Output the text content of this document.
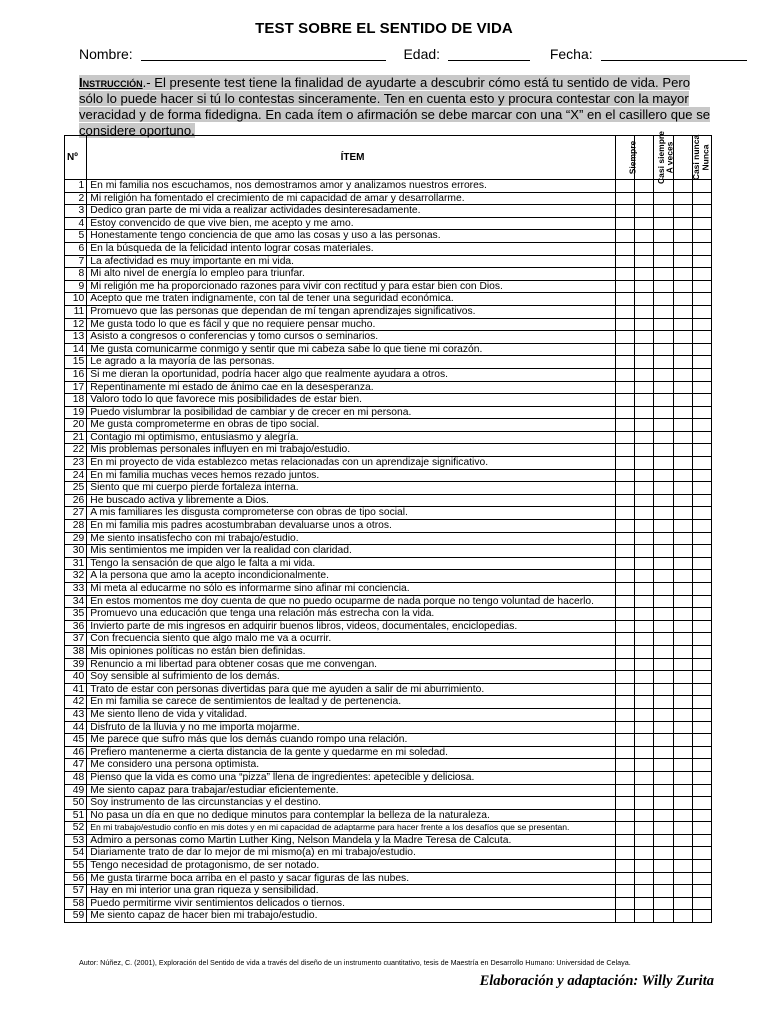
TEST SOBRE EL SENTIDO DE VIDA
Nombre:	Edad:	Fecha:
Instrucción.- El presente test tiene la finalidad de ayudarte a descubrir cómo está tu sentido de vida. Pero sólo lo puede hacer si tú lo contestas sinceramente. Ten en cuenta esto y procura contestar con la mayor veracidad y de forma fidedigna. En cada ítem o afirmación se debe marcar con una “X” en el casillero que se considere oportuno.
Nº	ÍTEM	Siempre	Casi siempre	A veces	Casi nunca	Nunca
1	En mi familia nos escuchamos, nos demostramos amor y analizamos nuestros errores.					
2	Mi religión ha fomentado el crecimiento de mi capacidad de amar y desarrollarme.					
3	Dedico gran parte de mi vida a realizar actividades desinteresadamente.					
4	Estoy convencido de que vive bien, me acepto y me amo.					
5	Honestamente tengo conciencia de que amo las cosas y uso a las personas.					
6	En la búsqueda de la felicidad intento lograr cosas materiales.					
7	La afectividad es muy importante en mi vida.					
8	Mi alto nivel de energía lo empleo para triunfar.					
9	Mi religión me ha proporcionado razones para vivir con rectitud y para estar bien con Dios.					
10	Acepto que me traten indignamente, con tal de tener una seguridad económica.					
11	Promuevo que las personas que dependan de mí tengan aprendizajes significativos.					
12	Me gusta todo lo que es fácil y que no requiere pensar mucho.					
13	Asisto a congresos o conferencias y tomo cursos o seminarios.					
14	Me gusta comunicarme conmigo y sentir que mi cabeza sabe lo que tiene mi corazón.					
15	Le agrado a la mayoría de las personas.					
16	Si me dieran la oportunidad, podría hacer algo que realmente ayudara a otros.					
17	Repentinamente mi estado de ánimo cae en la desesperanza.					
18	Valoro todo lo que favorece mis posibilidades de estar bien.					
19	Puedo vislumbrar la posibilidad de cambiar y de crecer en mi persona.					
20	Me gusta comprometerme en obras de tipo social.					
21	Contagio mi optimismo, entusiasmo y alegría.					
22	Mis problemas personales influyen en mi trabajo/estudio.					
23	En mi proyecto de vida establezco metas relacionadas con un aprendizaje significativo.					
24	En mi familia muchas veces hemos rezado juntos.					
25	Siento que mi cuerpo pierde fortaleza interna.					
26	He buscado activa y libremente a Dios.					
27	A mis familiares les disgusta comprometerse con obras de tipo social.					
28	En mi familia mis padres acostumbraban devaluarse unos a otros.					
29	Me siento insatisfecho con mi trabajo/estudio.					
30	Mis sentimientos me impiden ver la realidad con claridad.					
31	Tengo la sensación de que algo le falta a mi vida.					
32	A la persona que amo la acepto incondicionalmente.					
33	Mi meta al educarme no sólo es informarme sino afinar mi conciencia.					
34	En estos momentos me doy cuenta de que no puedo ocuparme de nada porque no tengo voluntad de hacerlo.					
35	Promuevo una educación que tenga una relación más estrecha con la vida.					
36	Invierto parte de mis ingresos en adquirir buenos libros, videos, documentales, enciclopedias.					
37	Con frecuencia siento que algo malo me va a ocurrir.					
38	Mis opiniones políticas no están bien definidas.					
39	Renuncio a mi libertad para obtener cosas que me convengan.					
40	Soy sensible al sufrimiento de los demás.					
41	Trato de estar con personas divertidas para que me ayuden a salir de mi aburrimiento.					
42	En mi familia se carece de sentimientos de lealtad y de pertenencia.					
43	Me siento lleno de vida y vitalidad.					
44	Disfruto de la lluvia y no me importa mojarme.					
45	Me parece que sufro más que los demás cuando rompo una relación.					
46	Prefiero mantenerme a cierta distancia de la gente y quedarme en mi soledad.					
47	Me considero una persona optimista.					
48	Pienso que la vida es como una “pizza” llena de ingredientes: apetecible y deliciosa.					
49	Me siento capaz para trabajar/estudiar eficientemente.					
50	Soy instrumento de las circunstancias y el destino.					
51	No pasa un día en que no dedique minutos para contemplar la belleza de la naturaleza.					
52	En mi trabajo/estudio confío en mis dotes y en mi capacidad de adaptarme para hacer frente a los desafíos que se presentan.					
53	Admiro a personas como Martin Luther King, Nelson Mandela y la Madre Teresa de Calcuta.					
54	Diariamente trato de dar lo mejor de mi mismo(a) en mi trabajo/estudio.					
55	Tengo necesidad de protagonismo, de ser notado.					
56	Me gusta tirarme boca arriba en el pasto y sacar figuras de las nubes.					
57	Hay en mi interior una gran riqueza y sensibilidad.					
58	Puedo permitirme vivir sentimientos delicados o tiernos.					
59	Me siento capaz de hacer bien mi trabajo/estudio.					
Autor: Núñez, C. (2001), Exploración del Sentido de vida a través del diseño de un instrumento cuantitativo, tesis de Maestría en Desarrollo Humano: Universidad de Celaya.
Elaboración y adaptación: Willy Zurita
